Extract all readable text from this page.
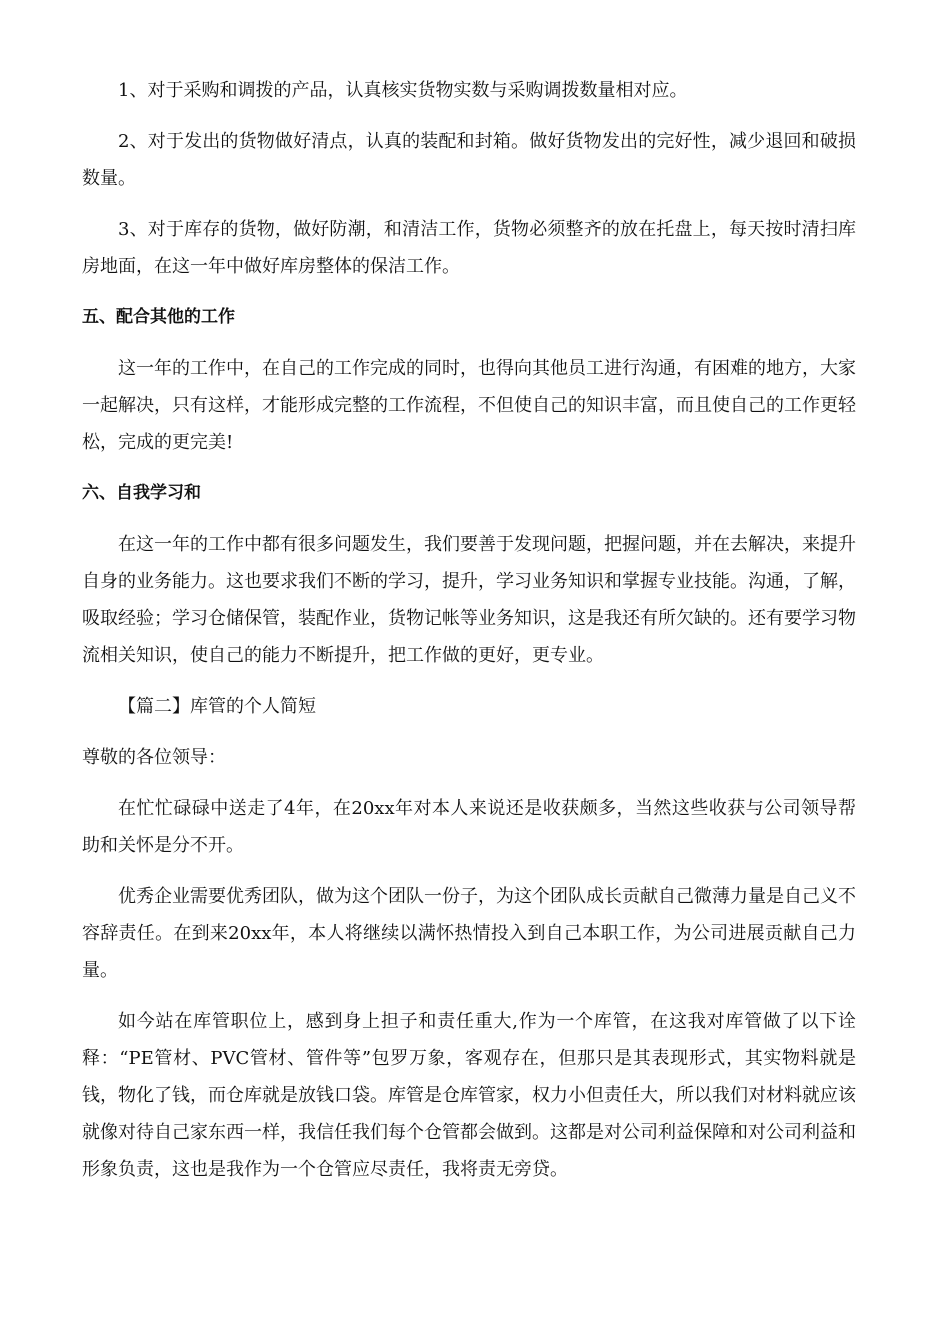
1、对于采购和调拨的产品，认真核实货物实数与采购调拨数量相对应。

2、对于发出的货物做好清点，认真的装配和封箱。做好货物发出的完好性，减少退回和破损数量。

3、对于库存的货物，做好防潮，和清洁工作，货物必须整齐的放在托盘上，每天按时清扫库房地面，在这一年中做好库房整体的保洁工作。

五、配合其他的工作

这一年的工作中，在自己的工作完成的同时，也得向其他员工进行沟通，有困难的地方，大家一起解决，只有这样，才能形成完整的工作流程，不但使自己的知识丰富，而且使自己的工作更轻松，完成的更完美!

六、自我学习和

在这一年的工作中都有很多问题发生，我们要善于发现问题，把握问题，并在去解决，来提升自身的业务能力。这也要求我们不断的学习，提升，学习业务知识和掌握专业技能。沟通，了解，吸取经验；学习仓储保管，装配作业，货物记帐等业务知识，这是我还有所欠缺的。还有要学习物流相关知识，使自己的能力不断提升，把工作做的更好，更专业。

【篇二】库管的个人简短

尊敬的各位领导：

在忙忙碌碌中送走了4年，在20xx年对本人来说还是收获颇多，当然这些收获与公司领导帮助和关怀是分不开。

优秀企业需要优秀团队，做为这个团队一份子，为这个团队成长贡献自己微薄力量是自己义不容辞责任。在到来20xx年，本人将继续以满怀热情投入到自己本职工作，为公司进展贡献自己力量。

如今站在库管职位上，感到身上担子和责任重大,作为一个库管，在这我对库管做了以下诠释：“PE管材、PVC管材、管件等”包罗万象，客观存在，但那只是其表现形式，其实物料就是钱，物化了钱，而仓库就是放钱口袋。库管是仓库管家，权力小但责任大，所以我们对材料就应该就像对待自己家东西一样，我信任我们每个仓管都会做到。这都是对公司利益保障和对公司利益和形象负责，这也是我作为一个仓管应尽责任，我将责无旁贷。
